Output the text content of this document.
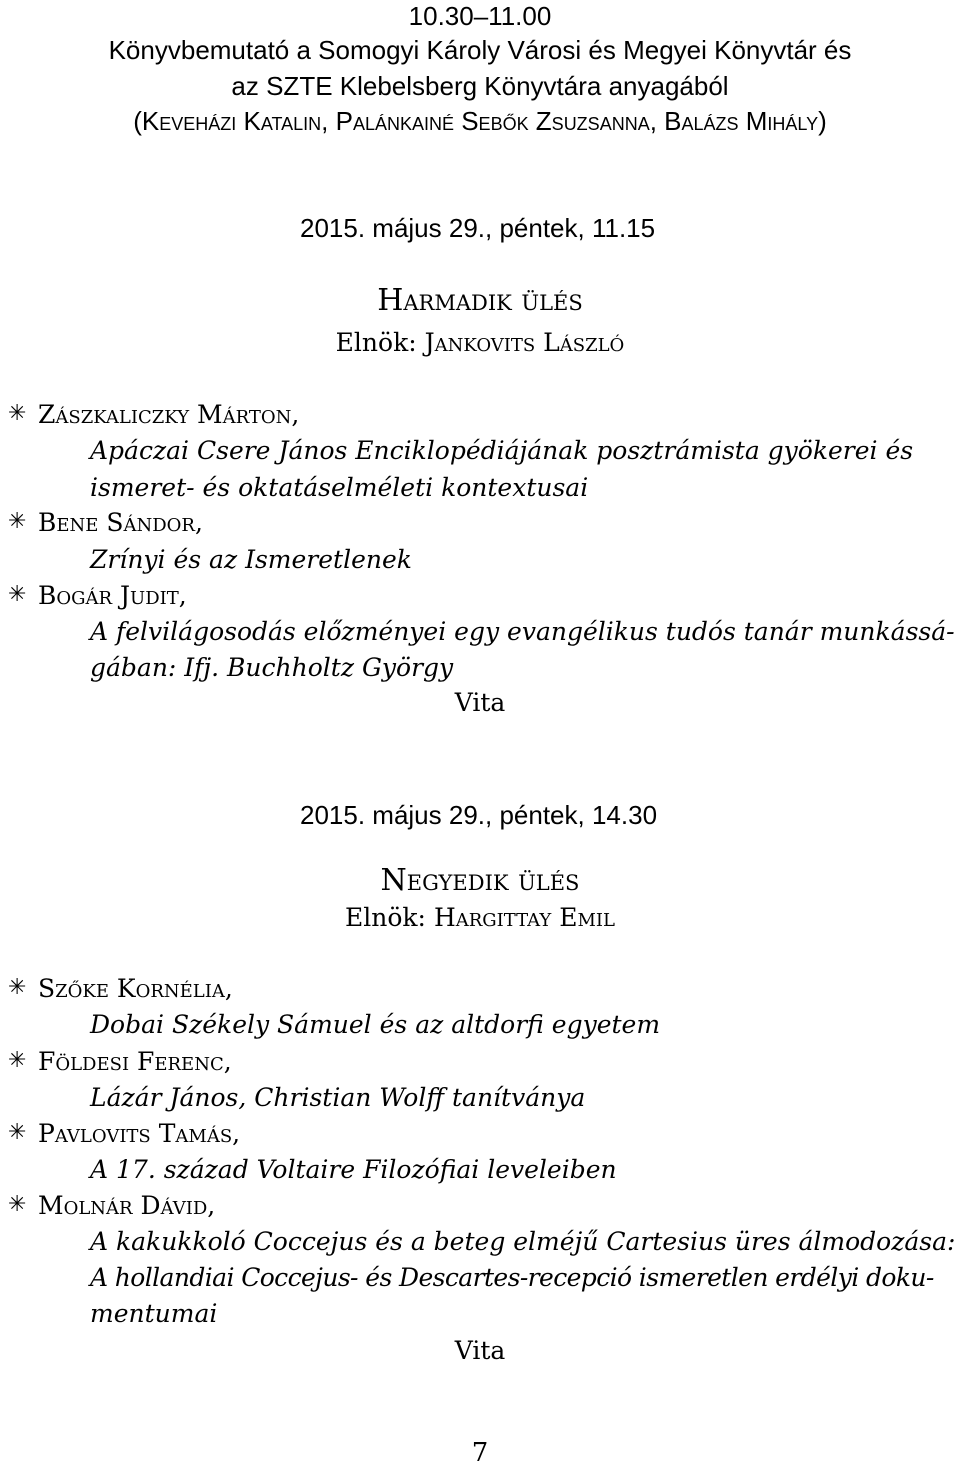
10.30–11.00
Könyvbemutató a Somogyi Károly Városi és Megyei Könyvtár és
az SZTE Klebelsberg Könyvtára anyagából
(Keveházi Katalin, Palánkainé Sebők Zsuzsanna, Balázs Mihály)
2015. május 29., péntek, 11.15
Harmadik ülés
Elnök: Jankovits László
✳ Zászkaliczky Márton,
Apáczai Csere János Enciklopédiájának posztrámista gyökerei és
ismeret- és oktatáselméleti kontextusai
✳ Bene Sándor,
Zrínyi és az Ismeretlenek
✳ Bogár Judit,
A felvilágosodás előzményei egy evangélikus tudós tanár munkássá-
gában: Ifj. Buchholtz György
Vita
2015. május 29., péntek, 14.30
Negyedik ülés
Elnök: Hargittay Emil
✳ Szőke Kornélia,
Dobai Székely Sámuel és az altdorfi egyetem
✳ Földesi Ferenc,
Lázár János, Christian Wolff tanítványa
✳ Pavlovits Tamás,
A 17. század Voltaire Filozófiai leveleiben
✳ Molnár Dávid,
A kakukkoló Coccejus és a beteg elméjű Cartesius üres álmodozása:
A hollandiai Coccejus- és Descartes-recepció ismeretlen erdélyi doku-
mentumai
Vita
7
